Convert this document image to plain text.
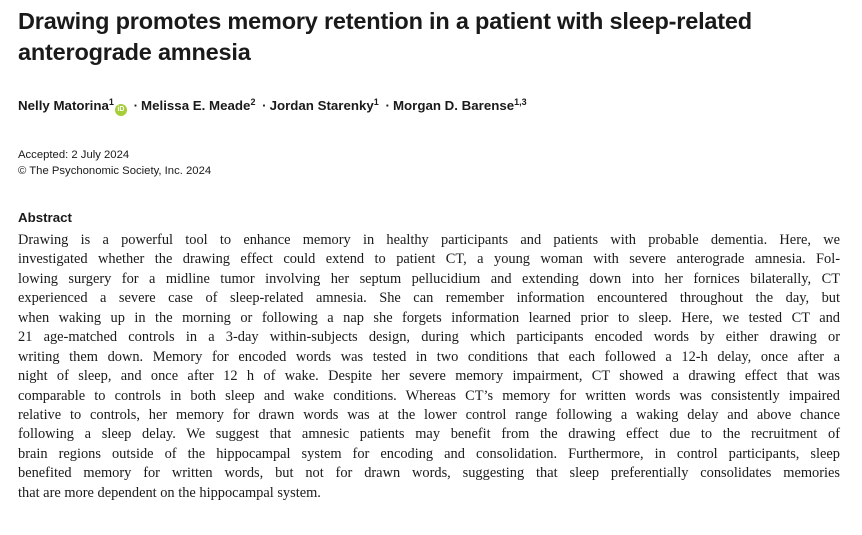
Drawing promotes memory retention in a patient with sleep-related
anterograde amnesia
Nelly Matorina$^1$iD · Melissa E. Meade$^2$ · Jordan Starenky$^1$ · Morgan D. Barense$^{1,3}$
Accepted: 2 July 2024
© The Psychonomic Society, Inc. 2024
Abstract
Drawing is a powerful tool to enhance memory in healthy participants and patients with probable dementia. Here, we
investigated whether the drawing effect could extend to patient CT, a young woman with severe anterograde amnesia. Fol-
lowing surgery for a midline tumor involving her septum pellucidium and extending down into her fornices bilaterally, CT
experienced a severe case of sleep-related amnesia. She can remember information encountered throughout the day, but
when waking up in the morning or following a nap she forgets information learned prior to sleep. Here, we tested CT and
21 age-matched controls in a 3-day within-subjects design, during which participants encoded words by either drawing or
writing them down. Memory for encoded words was tested in two conditions that each followed a 12-h delay, once after a
night of sleep, and once after 12 h of wake. Despite her severe memory impairment, CT showed a drawing effect that was
comparable to controls in both sleep and wake conditions. Whereas CT’s memory for written words was consistently impaired
relative to controls, her memory for drawn words was at the lower control range following a waking delay and above chance
following a sleep delay. We suggest that amnesic patients may benefit from the drawing effect due to the recruitment of
brain regions outside of the hippocampal system for encoding and consolidation. Furthermore, in control participants, sleep
benefited memory for written words, but not for drawn words, suggesting that sleep preferentially consolidates memories
that are more dependent on the hippocampal system.
